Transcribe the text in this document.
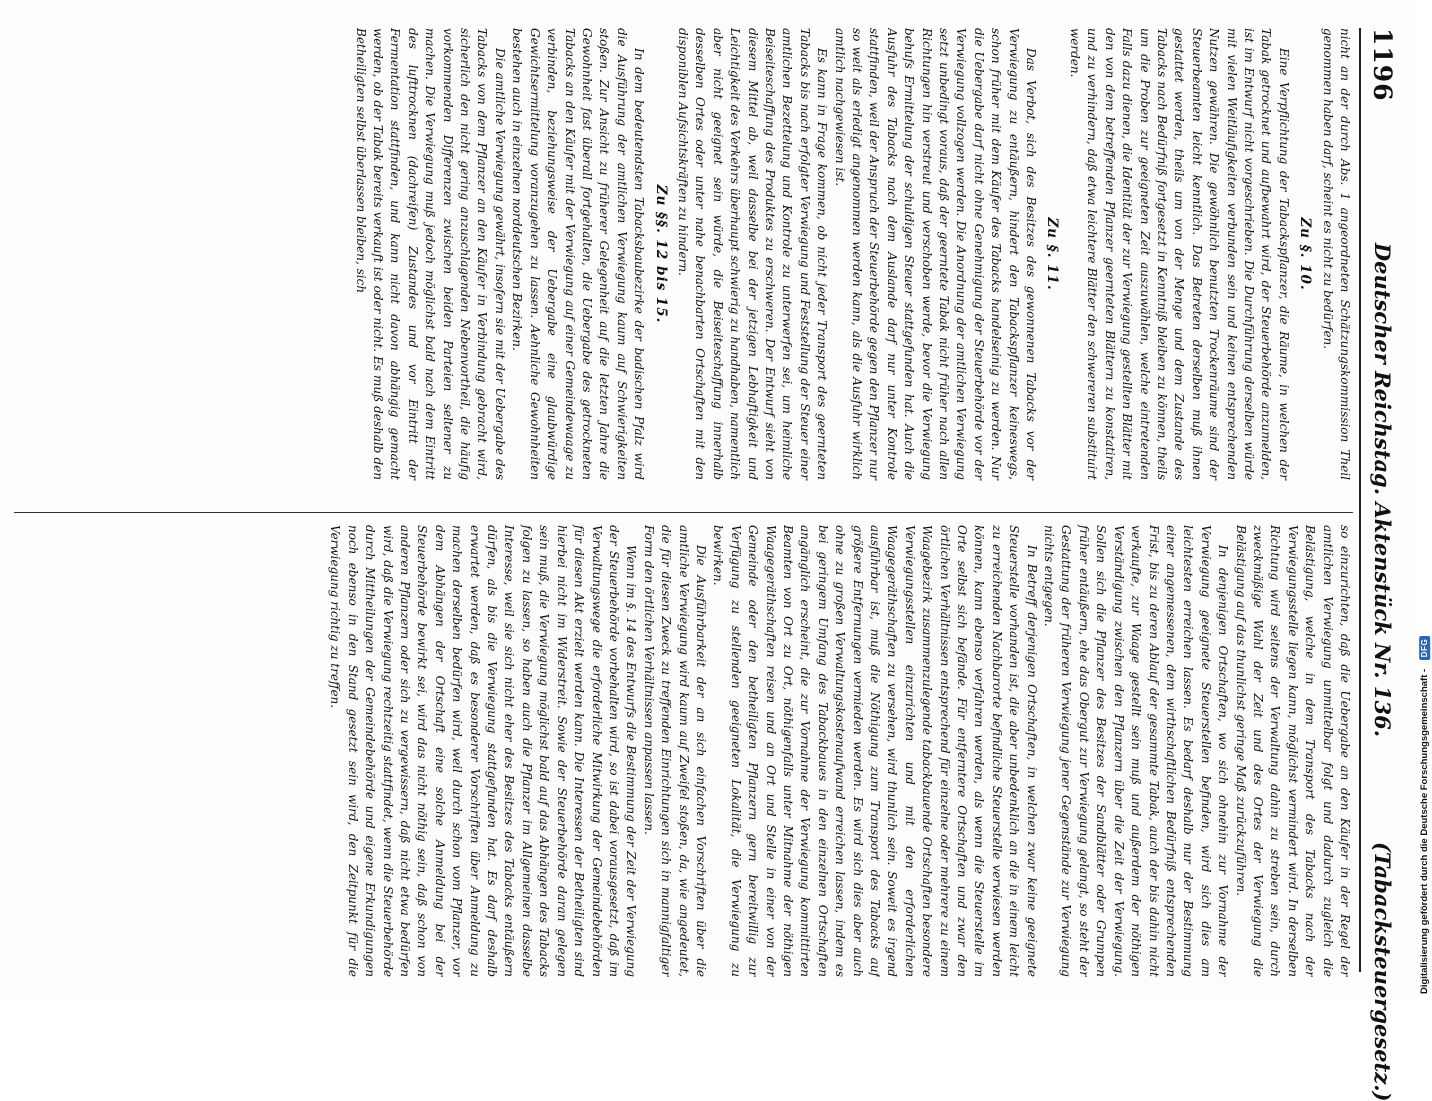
1196
Deutscher Reichstag. Aktenstück Nr. 136.
(Tabacksteuergesetz.)

nicht an der durch Abs. 1 angeordneten Schätzungskommission Theil genommen haben darf, scheint es nicht zu bedürfen.

Zu §. 10.

Eine Verpflichtung der Tabackspflanzer, die Räume, in welchen der Tabak getrocknet und aufbewahrt wird, der Steuerbehörde anzumelden, ist im Entwurf nicht vorgeschrieben. Die Durchführung derselben würde mit vielen Weitläufigkeiten verbunden sein und keinen entsprechenden Nutzen gewähren. Die gewöhnlich benutzten Trockenräume sind der Steuerbeamten leicht kenntlich. Das Betreten derselben muß ihnen gestattet werden, theils um von der Menge und dem Zustande des Tabacks nach Bedürfniß fortgesetzt in Kenntniß bleiben zu können, theils um die Proben zur geeigneten Zeit auszuwählen, welche eintretenden Falls dazu dienen, die Identität der zur Verwiegung gestellten Blätter mit den von dem betreffenden Pflanzer geernteten Blättern zu konstatiren, und zu verhindern, daß etwa leichtere Blätter den schwereren substituirt werden.

Zu §. 11.

Das Verbot, sich des Besitzes des gewonnenen Tabacks vor der Verwiegung zu entäußern, hindert den Tabackspflanzer keineswegs, schon früher mit dem Käufer des Tabacks handelseinig zu werden. Nur die Uebergabe darf nicht ohne Genehmigung der Steuerbehörde vor der Verwiegung vollzogen werden. Die Anordnung der amtlichen Verwiegung setzt unbedingt voraus, daß der geerntete Tabak nicht früher nach allen Richtungen hin verstreut und verschoben werde, bevor die Verwiegung behufs Ermittelung der schuldigen Steuer stattgefunden hat. Auch die Ausfuhr des Tabacks nach dem Auslande darf nur unter Kontrole stattfinden, weil der Anspruch der Steuerbehörde gegen den Pflanzer nur so weit als erledigt angenommen werden kann, als die Ausfuhr wirklich amtlich nachgewiesen ist.

Es kann in Frage kommen, ob nicht jeder Transport des geernteten Tabacks bis nach erfolgter Verwiegung und Feststellung der Steuer einer amtlichen Bezettelung und Kontrole zu unterwerfen sei, um heimliche Beiseiteschaffung des Produktes zu erschweren. Der Entwurf sieht von diesem Mittel ab, weil dasselbe bei der jetzigen Lebhaftigkeit und Leichtigkeit des Verkehrs überhaupt schwierig zu handhaben, namentlich aber nicht geeignet sein würde, die Beiseiteschaffung innerhalb desselben Ortes oder unter nahe benachbarten Ortschaften mit den disponiblen Aufsichtskräften zu hindern.

Zu §§. 12 bis 15.

In dem bedeutendsten Tabacksbaubezirke der badischen Pfalz wird die Ausführung der amtlichen Verwiegung kaum auf Schwierigkeiten stoßen. Zur Ansicht zu früherer Gelegenheit auf die letzten Jahre die Gewohnheit fast überall fortgehalten, die Uebergabe des getrockneten Tabacks an den Käufer mit der Verwiegung auf einer Gemeindewaage zu verbinden, beziehungsweise der Uebergabe eine glaubwürdige Gewichtsermittelung voranzugehen zu lassen. Aehnliche Gewohnheiten bestehen auch in einzelnen norddeutschen Bezirken.

Die amtliche Verwiegung gewährt, insofern sie mit der Uebergabe des Tabacks von dem Pflanzer an den Käufer in Verbindung gebracht wird, sicherlich den nicht gering anzuschlagenden Nebenvortheil, die häufig vorkommenden Differenzen zwischen beiden Parteien seltener zu machen. Die Verwiegung muß jedoch möglichst bald nach dem Eintritt des lufttrocknen (dachreifen) Zustandes und vor Eintritt der Fermentation stattfinden, und kann nicht davon abhängig gemacht werden, ob der Tabak bereits verkauft ist oder nicht. Es muß deshalb den Betheiligten selbst überlassen bleiben, sich

so einzurichten, daß die Uebergabe an den Käufer in der Regel der amtlichen Verwiegung unmittelbar folgt und dadurch zugleich die Belästigung, welche in dem Transport des Tabacks nach der Verwiegungsstelle liegen kann, möglichst vermindert wird. In derselben Richtung wird seitens der Verwaltung dahin zu streben sein, durch zweckmäßige Wahl der Zeit und des Ortes der Verwiegung die Belästigung auf das thunlichst geringe Maß zurückzuführen.

In denjenigen Ortschaften, wo sich ohnehin zur Vornahme der Verwiegung geeignete Steuerstellen befinden, wird sich dies am leichtesten erreichen lassen. Es bedarf deshalb nur der Bestimmung einer angemessenen, dem wirthschaftlichen Bedürfniß entsprechenden Frist, bis zu deren Ablauf der gesammte Tabak, auch der bis dahin nicht verkaufte, zur Waage gestellt sein muß und außerdem der nöthigen Verständigung zwischen den Pflanzern über die Zeit der Verwiegung. Sollen sich die Pflanzer des Besitzes der Sandblätter oder Grumpen früher entäußern, ehe das Obergut zur Verwiegung gelangt, so steht der Gestattung der früheren Verwiegung jener Gegenstände zur Verwiegung nichts entgegen.

In Betreff derjenigen Ortschaften, in welchen zwar keine geeignete Steuerstelle vorhanden ist, die aber unbedenklich an die in einem leicht zu erreichenden Nachbarorte befindliche Steuerstelle verwiesen werden können, kann ebenso verfahren werden, als wenn die Steuerstelle im Orte selbst sich befände. Für entferntere Ortschaften und zwar den örtlichen Verhältnissen entsprechend für einzelne oder mehrere zu einem Waagebezirk zusammenzulegende tabackbauende Ortschaften besondere Verwiegungsstellen einzurichten und mit den erforderlichen Waagegeräthschaften zu versehen, wird thunlich sein. Soweit es irgend ausführbar ist, muß die Nöthigung zum Transport des Tabacks auf größere Entfernungen vermieden werden. Es wird sich dies aber auch ohne zu großen Verwaltungskostenaufwand erreichen lassen, indem es bei geringem Umfang des Tabackbaues in den einzelnen Ortschaften angänglich erscheint, die zur Vornahme der Verwiegung kommittirten Beamten von Ort zu Ort, nöthigenfalls unter Mitnahme der nöthigen Waagegeräthschaften reisen und an Ort und Stelle in einer von der Gemeinde oder den betheiligten Pflanzern gern bereitwillig zur Verfügung zu stellenden geeigneten Lokalität, die Verwiegung zu bewirken.

Die Ausführbarkeit der an sich einfachen Vorschriften über die amtliche Verwiegung wird kaum auf Zweifel stoßen, da, wie angedeutet, die für diesen Zweck zu treffenden Einrichtungen sich in mannigfaltiger Form den örtlichen Verhältnissen anpassen lassen.

Wenn im §. 14 des Entwurfs die Bestimmung der Zeit der Verwiegung der Steuerbehörde vorbehalten wird, so ist dabei vorausgesetzt, daß im Verwaltungswege die erforderliche Mitwirkung der Gemeindebehörden für diesen Akt erzielt werden kann. Die Interessen der Betheiligten sind hierbei nicht im Widerstreit. Sowie der Steuerbehörde daran gelegen sein muß, die Verwiegung möglichst bald auf das Abhängen des Tabacks folgen zu lassen, so haben auch die Pflanzer im Allgemeinen dasselbe Interesse, weil sie sich nicht eher des Besitzes des Tabacks entäußern dürfen, als bis die Verwiegung stattgefunden hat. Es darf deshalb erwartet werden, daß es besonderer Vorschriften über Anmeldung zu machen derselben bedürfen wird, weil durch schon vom Pflanzer, vor dem Abhängen der Ortschaft eine solche Anmeldung bei der Steuerbehörde bewirkt sei, wird das nicht nöthig sein, daß schon von anderen Pflanzern oder sich zu vergewissern, daß nicht etwa bedürfen wird, daß die Verwiegung rechtzeitig stattfindet, wenn die Steuerbehörde durch Mittheilungen der Gemeindebehörde und eigene Erkundigungen noch ebenso in den Stand gesetzt sein wird, den Zeitpunkt für die Verwiegung richtig zu treffen.

Digitalisierung gefördert durch die Deutsche Forschungsgemeinschaft - DFG
